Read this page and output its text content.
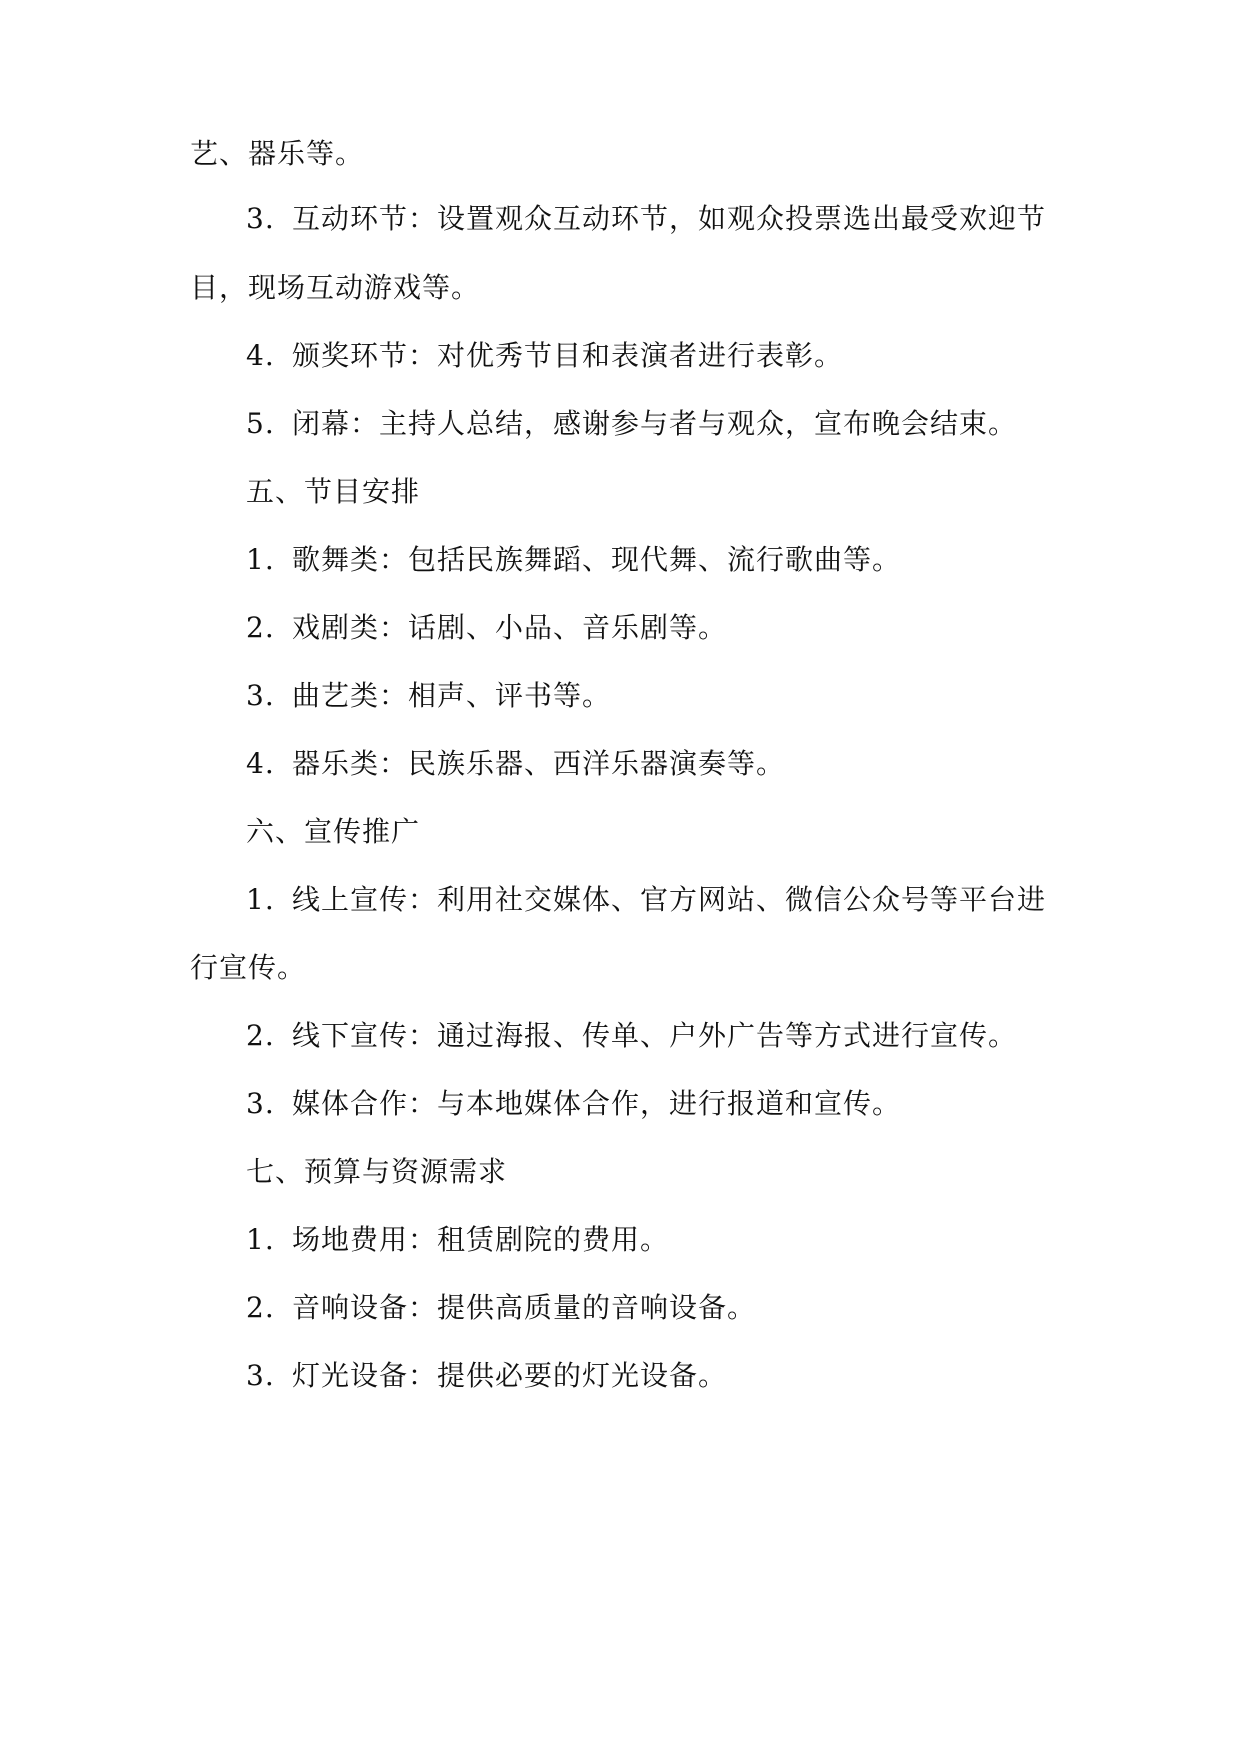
艺、器乐等。
3. 互动环节：设置观众互动环节，如观众投票选出最受欢迎节
目，现场互动游戏等。
4. 颁奖环节：对优秀节目和表演者进行表彰。
5. 闭幕：主持人总结，感谢参与者与观众，宣布晚会结束。
五、节目安排
1. 歌舞类：包括民族舞蹈、现代舞、流行歌曲等。
2. 戏剧类：话剧、小品、音乐剧等。
3. 曲艺类：相声、评书等。
4. 器乐类：民族乐器、西洋乐器演奏等。
六、宣传推广
1. 线上宣传：利用社交媒体、官方网站、微信公众号等平台进
行宣传。
2. 线下宣传：通过海报、传单、户外广告等方式进行宣传。
3. 媒体合作：与本地媒体合作，进行报道和宣传。
七、预算与资源需求
1. 场地费用：租赁剧院的费用。
2. 音响设备：提供高质量的音响设备。
3. 灯光设备：提供必要的灯光设备。
